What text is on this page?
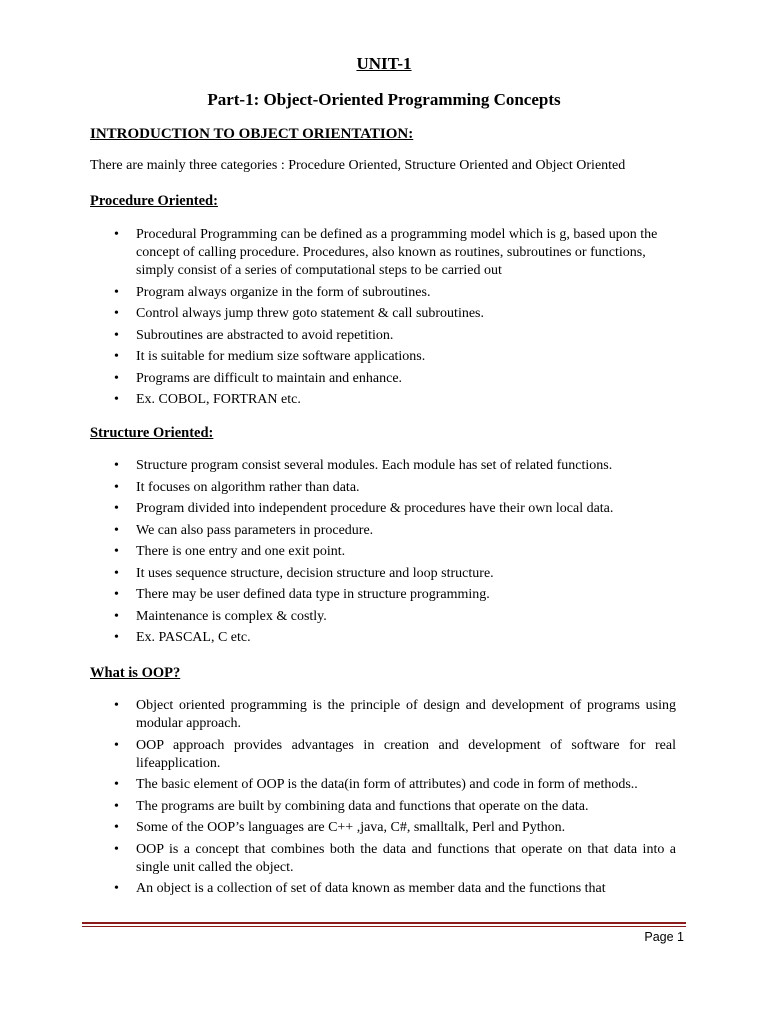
UNIT-1
Part-1: Object-Oriented Programming Concepts
INTRODUCTION TO OBJECT ORIENTATION:

There are mainly three categories : Procedure Oriented, Structure Oriented and Object Oriented

Procedure Oriented:
• Procedural Programming can be defined as a programming model which is g, based upon the concept of calling procedure. Procedures, also known as routines, subroutines or functions, simply consist of a series of computational steps to be carried out
• Program always organize in the form of subroutines.
• Control always jump threw goto statement & call subroutines.
• Subroutines are abstracted to avoid repetition.
• It is suitable for medium size software applications.
• Programs are difficult to maintain and enhance.
• Ex. COBOL, FORTRAN etc.
Structure Oriented:
• Structure program consist several modules. Each module has set of related functions.
• It focuses on algorithm rather than data.
• Program divided into independent procedure & procedures have their own local data.
• We can also pass parameters in procedure.
• There is one entry and one exit point.
• It uses sequence structure, decision structure and loop structure.
• There may be user defined data type in structure programming.
• Maintenance is complex & costly.
• Ex. PASCAL, C etc.
What is OOP?
• Object oriented programming is the principle of design and development of programs using modular approach.
• OOP approach provides advantages in creation and development of software for real lifeapplication.
• The basic element of OOP is the data(in form of attributes) and code in form of methods..
• The programs are built by combining data and functions that operate on the data.
• Some of the OOP’s languages are C++ ,java, C#, smalltalk, Perl and Python.
• OOP is a concept that combines both the data and functions that operate on that data into a single unit called the object.
• An object is a collection of set of data known as member data and the functions that
Page 1
